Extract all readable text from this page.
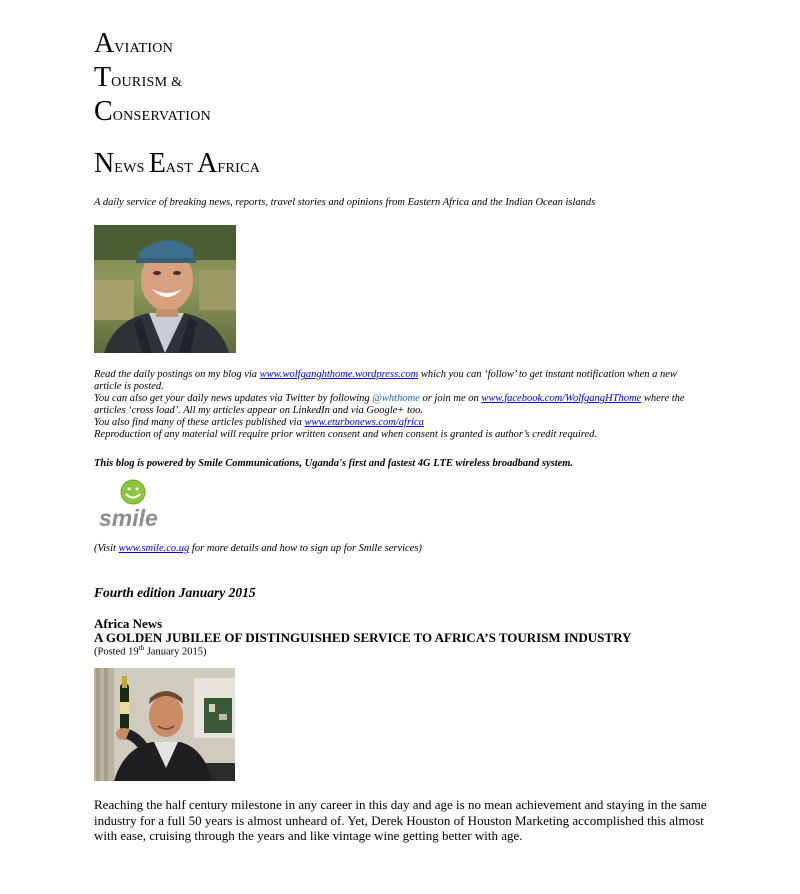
AVIATION
TOURISM &
CONSERVATION
NEWS EAST AFRICA
A daily service of breaking news, reports, travel stories and opinions from Eastern Africa and the Indian Ocean islands

Read the daily postings on my blog via www.wolfganghthome.wordpress.com which you can ‘follow’ to get instant notification when a new article is posted.

You can also get your daily news updates via Twitter by following @whthome or join me on www.facebook.com/WolfgangHThome where the articles ‘cross load’. All my articles appear on LinkedIn and via Google+ too.

You also find many of these articles published via www.eturbonews.com/africa

Reproduction of any material will require prior written consent and when consent is granted is author’s credit required.

This blog is powered by Smile Communications, Uganda's first and fastest 4G LTE wireless broadband system.
smile
(Visit www.smile.co.ug for more details and how to sign up for Smile services)
Fourth edition January 2015
Africa News
A GOLDEN JUBILEE OF DISTINGUISHED SERVICE TO AFRICA’S TOURISM INDUSTRY
(Posted 19th January 2015)
Reaching the half century milestone in any career in this day and age is no mean achievement and staying in the same industry for a full 50 years is almost unheard of. Yet, Derek Houston of Houston Marketing accomplished this almost with ease, cruising through the years and like vintage wine getting better with age.
